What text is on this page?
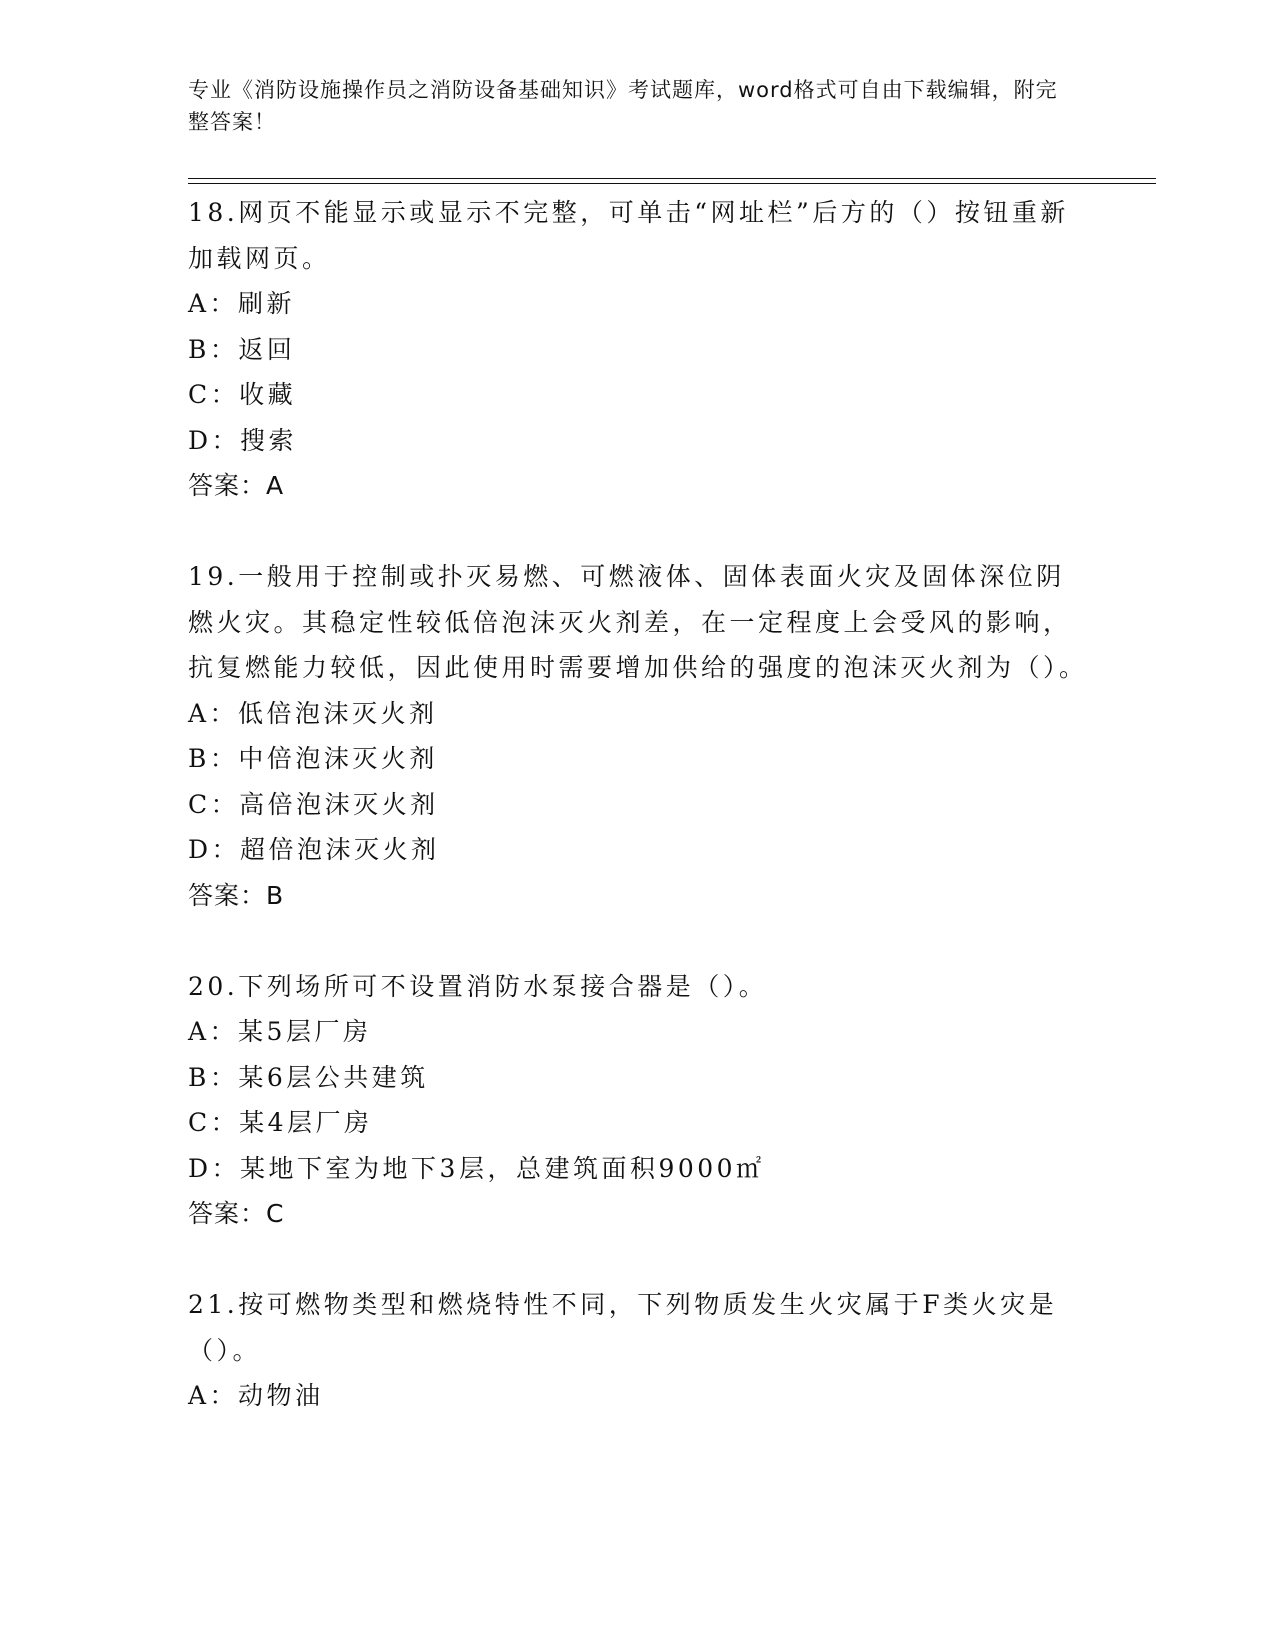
专业《消防设施操作员之消防设备基础知识》考试题库，word格式可自由下载编辑，附完整答案！
18.网页不能显示或显示不完整，可单击“网址栏”后方的（）按钮重新加载网页。
A：刷新
B：返回
C：收藏
D：搜索
答案：A
19.一般用于控制或扑灭易燃、可燃液体、固体表面火灾及固体深位阴燃火灾。其稳定性较低倍泡沫灭火剂差，在一定程度上会受风的影响，抗复燃能力较低，因此使用时需要增加供给的强度的泡沫灭火剂为（）。
A：低倍泡沫灭火剂
B：中倍泡沫灭火剂
C：高倍泡沫灭火剂
D：超倍泡沫灭火剂
答案：B
20.下列场所可不设置消防水泵接合器是（）。
A：某5层厂房
B：某6层公共建筑
C：某4层厂房
D：某地下室为地下3层，总建筑面积9000㎡
答案：C
21.按可燃物类型和燃烧特性不同，下列物质发生火灾属于F类火灾是（）。
A：动物油
